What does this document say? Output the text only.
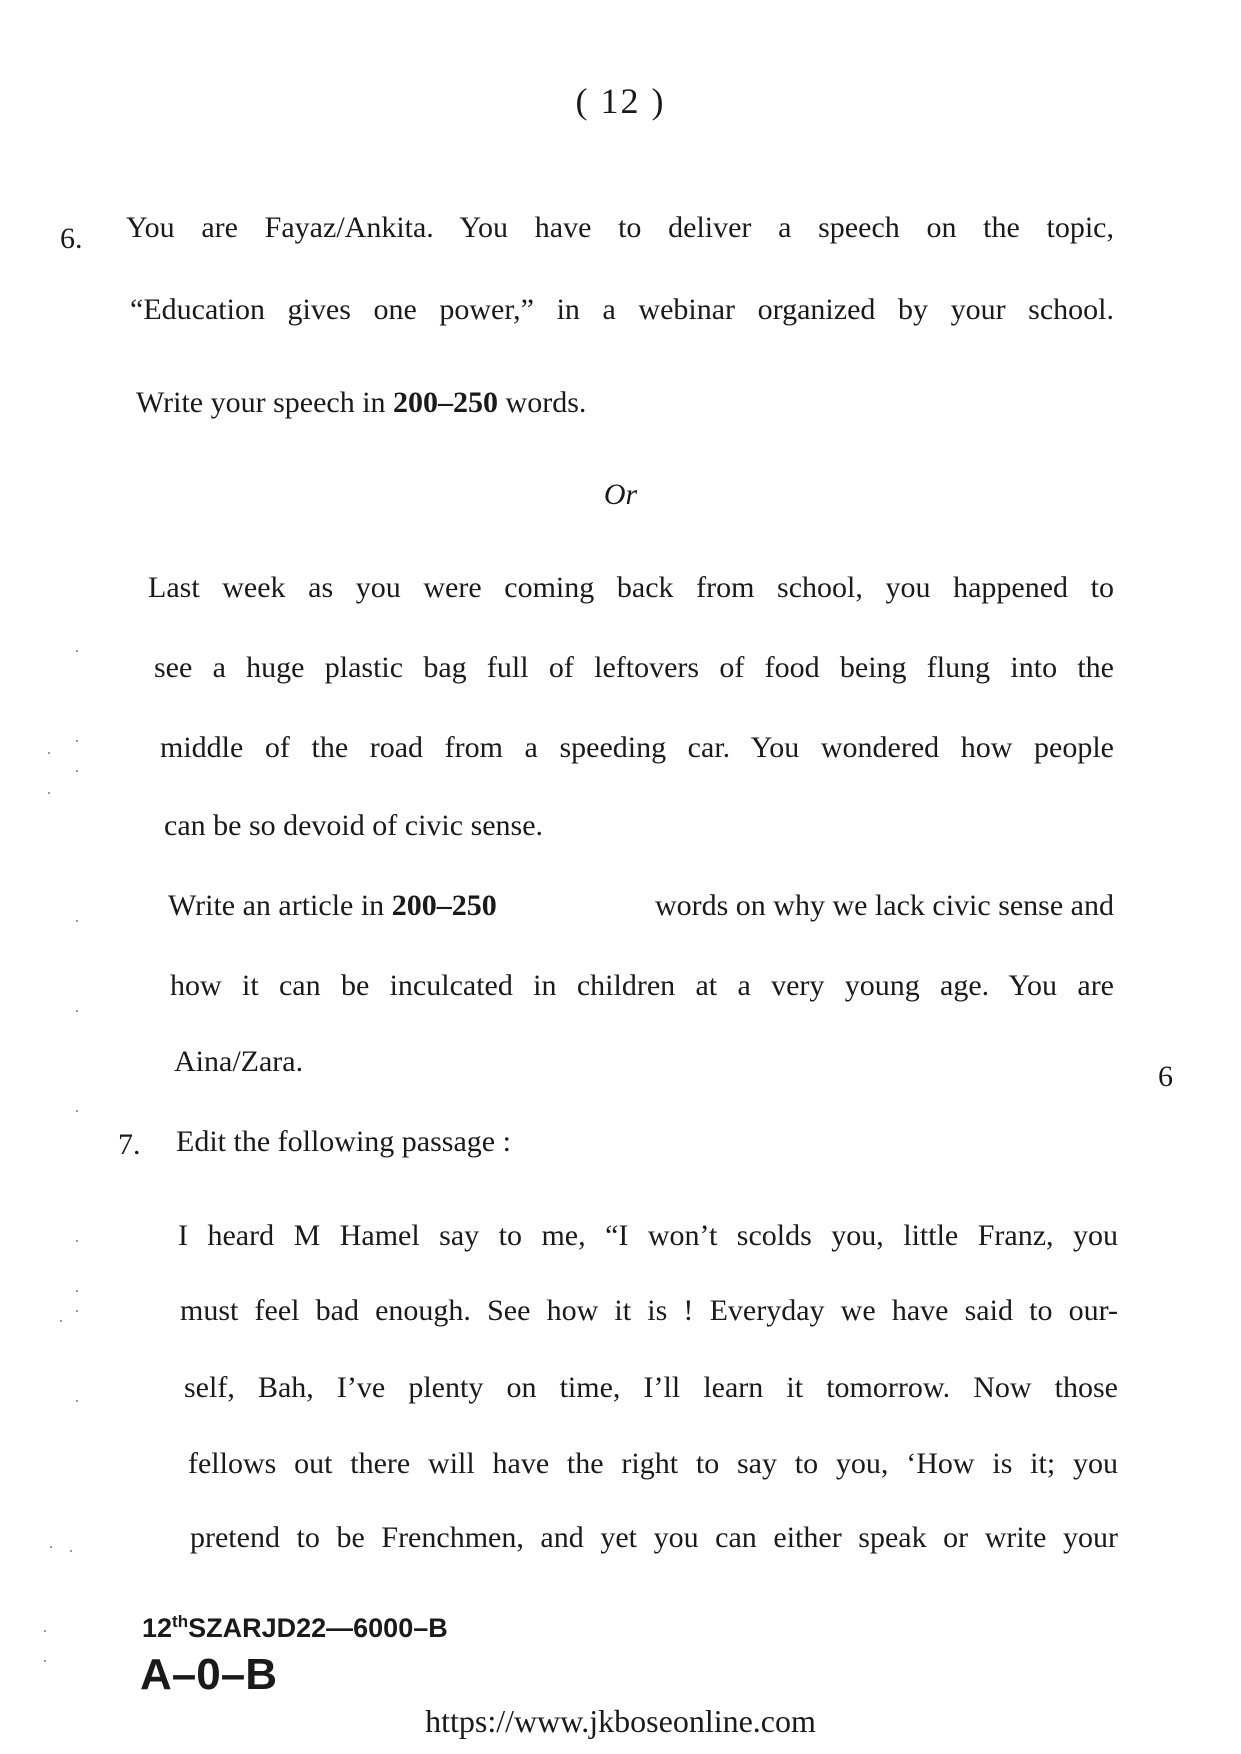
( 12 )
6. You are Fayaz/Ankita. You have to deliver a speech on the topic,
“Education gives one power,” in a webinar organized by your school.
Write your speech in 200–250 words.
Or
Last week as you were coming back from school, you happened to
see a huge plastic bag full of leftovers of food being flung into the
middle of the road from a speeding car. You wondered how people
can be so devoid of civic sense.
Write an article in 200–250	words on why we lack civic sense and
how it can be inculcated in children at a very young age. You are
Aina/Zara.	6
7. Edit the following passage :
I heard M Hamel say to me, “I won’t scolds you, little Franz, you
must feel bad enough. See how it is ! Everyday we have said to our-
self, Bah, I’ve plenty on time, I’ll learn it tomorrow. Now those
fellows out there will have the right to say to you, ‘How is it; you
pretend to be Frenchmen, and yet you can either speak or write your
12thSZARJD22—6000–B
A–0–B
https://www.jkboseonline.com
